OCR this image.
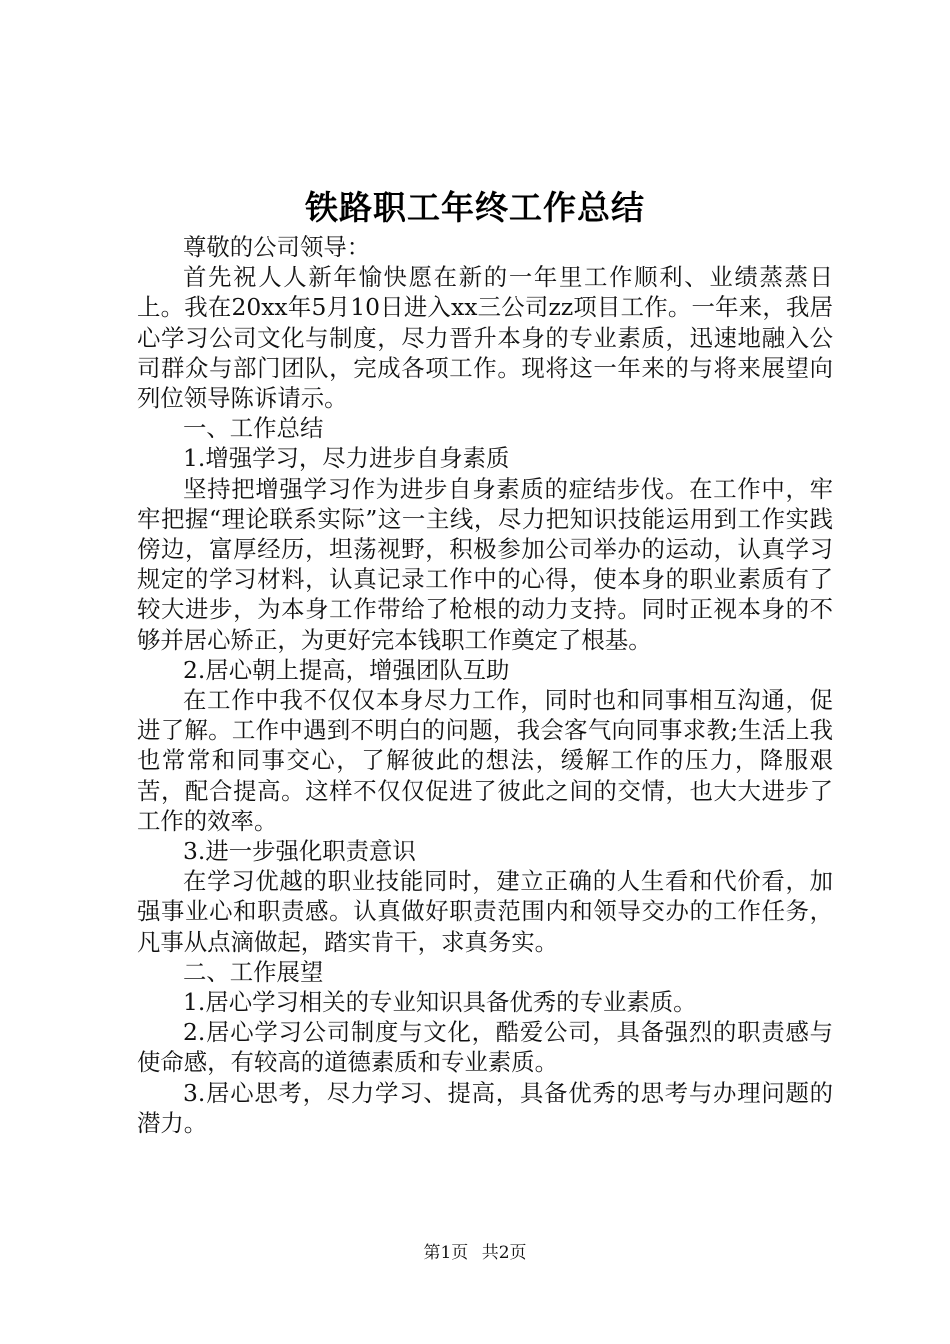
铁路职工年终工作总结

尊敬的公司领导：

首先祝人人新年愉快愿在新的一年里工作顺利、业绩蒸蒸日上。我在20xx年5月10日进入xx三公司zz项目工作。一年来，我居心学习公司文化与制度，尽力晋升本身的专业素质，迅速地融入公司群众与部门团队，完成各项工作。现将这一年来的与将来展望向列位领导陈诉请示。

一、工作总结

1.增强学习，尽力进步自身素质

坚持把增强学习作为进步自身素质的症结步伐。在工作中，牢牢把握“理论联系实际”这一主线，尽力把知识技能运用到工作实践傍边，富厚经历，坦荡视野，积极参加公司举办的运动，认真学习规定的学习材料，认真记录工作中的心得，使本身的职业素质有了较大进步，为本身工作带给了枪根的动力支持。同时正视本身的不够并居心矫正，为更好完本钱职工作奠定了根基。

2.居心朝上提高，增强团队互助

在工作中我不仅仅本身尽力工作，同时也和同事相互沟通，促进了解。工作中遇到不明白的问题，我会客气向同事求教;生活上我也常常和同事交心，了解彼此的想法，缓解工作的压力，降服艰苦，配合提高。这样不仅仅促进了彼此之间的交情，也大大进步了工作的效率。

3.进一步强化职责意识

在学习优越的职业技能同时，建立正确的人生看和代价看，加强事业心和职责感。认真做好职责范围内和领导交办的工作任务，凡事从点滴做起，踏实肯干，求真务实。

二、工作展望

1.居心学习相关的专业知识具备优秀的专业素质。

2.居心学习公司制度与文化，酷爱公司，具备强烈的职责感与使命感，有较高的道德素质和专业素质。

3.居心思考，尽力学习、提高，具备优秀的思考与办理问题的潜力。

第1页 共2页
